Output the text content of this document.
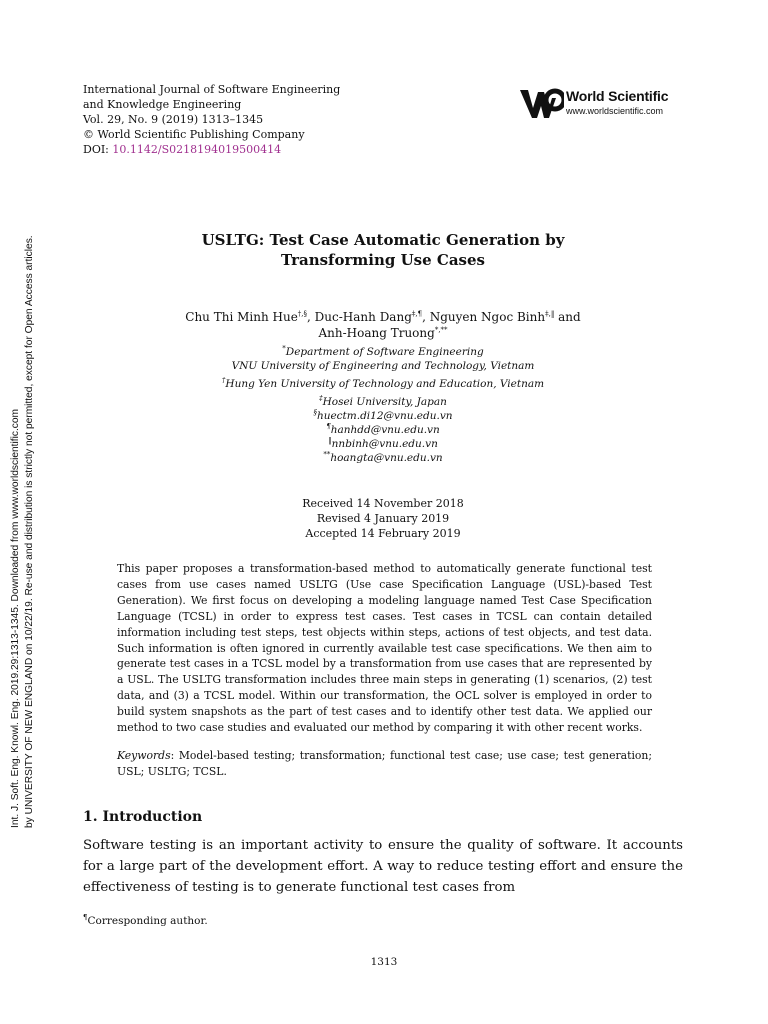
International Journal of Software Engineering
and Knowledge Engineering
Vol. 29, No. 9 (2019) 1313–1345
© World Scientific Publishing Company
DOI: 10.1142/S0218194019500414
World Scientific
www.worldscientific.com
Int. J. Soft. Eng. Knowl. Eng. 2019.29:1313-1345. Downloaded from www.worldscientific.com by UNIVERSITY OF NEW ENGLAND on 10/22/19. Re-use and distribution is strictly not permitted, except for Open Access articles.	USLTG: Test Case Automatic Generation by
Transforming Use Cases
Chu Thi Minh Hue†,§, Duc-Hanh Dang‡,¶, Nguyen Ngoc Binh‡,‖ and
Anh-Hoang Truong*,**
*Department of Software Engineering
VNU University of Engineering and Technology, Vietnam
†Hung Yen University of Technology and Education, Vietnam
‡Hosei University, Japan
§huectm.di12@vnu.edu.vn
¶hanhdd@vnu.edu.vn
‖nnbinh@vnu.edu.vn
**hoangta@vnu.edu.vn
Received 14 November 2018
Revised 4 January 2019
Accepted 14 February 2019
This paper proposes a transformation-based method to automatically generate functional test cases from use cases named USLTG (Use case Specification Language (USL)-based Test Generation). We first focus on developing a modeling language named Test Case Specification Language (TCSL) in order to express test cases. Test cases in TCSL can contain detailed information including test steps, test objects within steps, actions of test objects, and test data. Such information is often ignored in currently available test case specifications. We then aim to generate test cases in a TCSL model by a transformation from use cases that are represented by a USL. The USLTG transformation includes three main steps in generating (1) scenarios, (2) test data, and (3) a TCSL model. Within our transformation, the OCL solver is employed in order to build system snapshots as the part of test cases and to identify other test data. We applied our method to two case studies and evaluated our method by comparing it with other recent works.
Keywords: Model-based testing; transformation; functional test case; use case; test generation; USL; USLTG; TCSL.
1. Introduction
Software testing is an important activity to ensure the quality of software. It accounts for a large part of the development effort. A way to reduce testing effort and ensure the effectiveness of testing is to generate functional test cases from
¶Corresponding author.
1313
